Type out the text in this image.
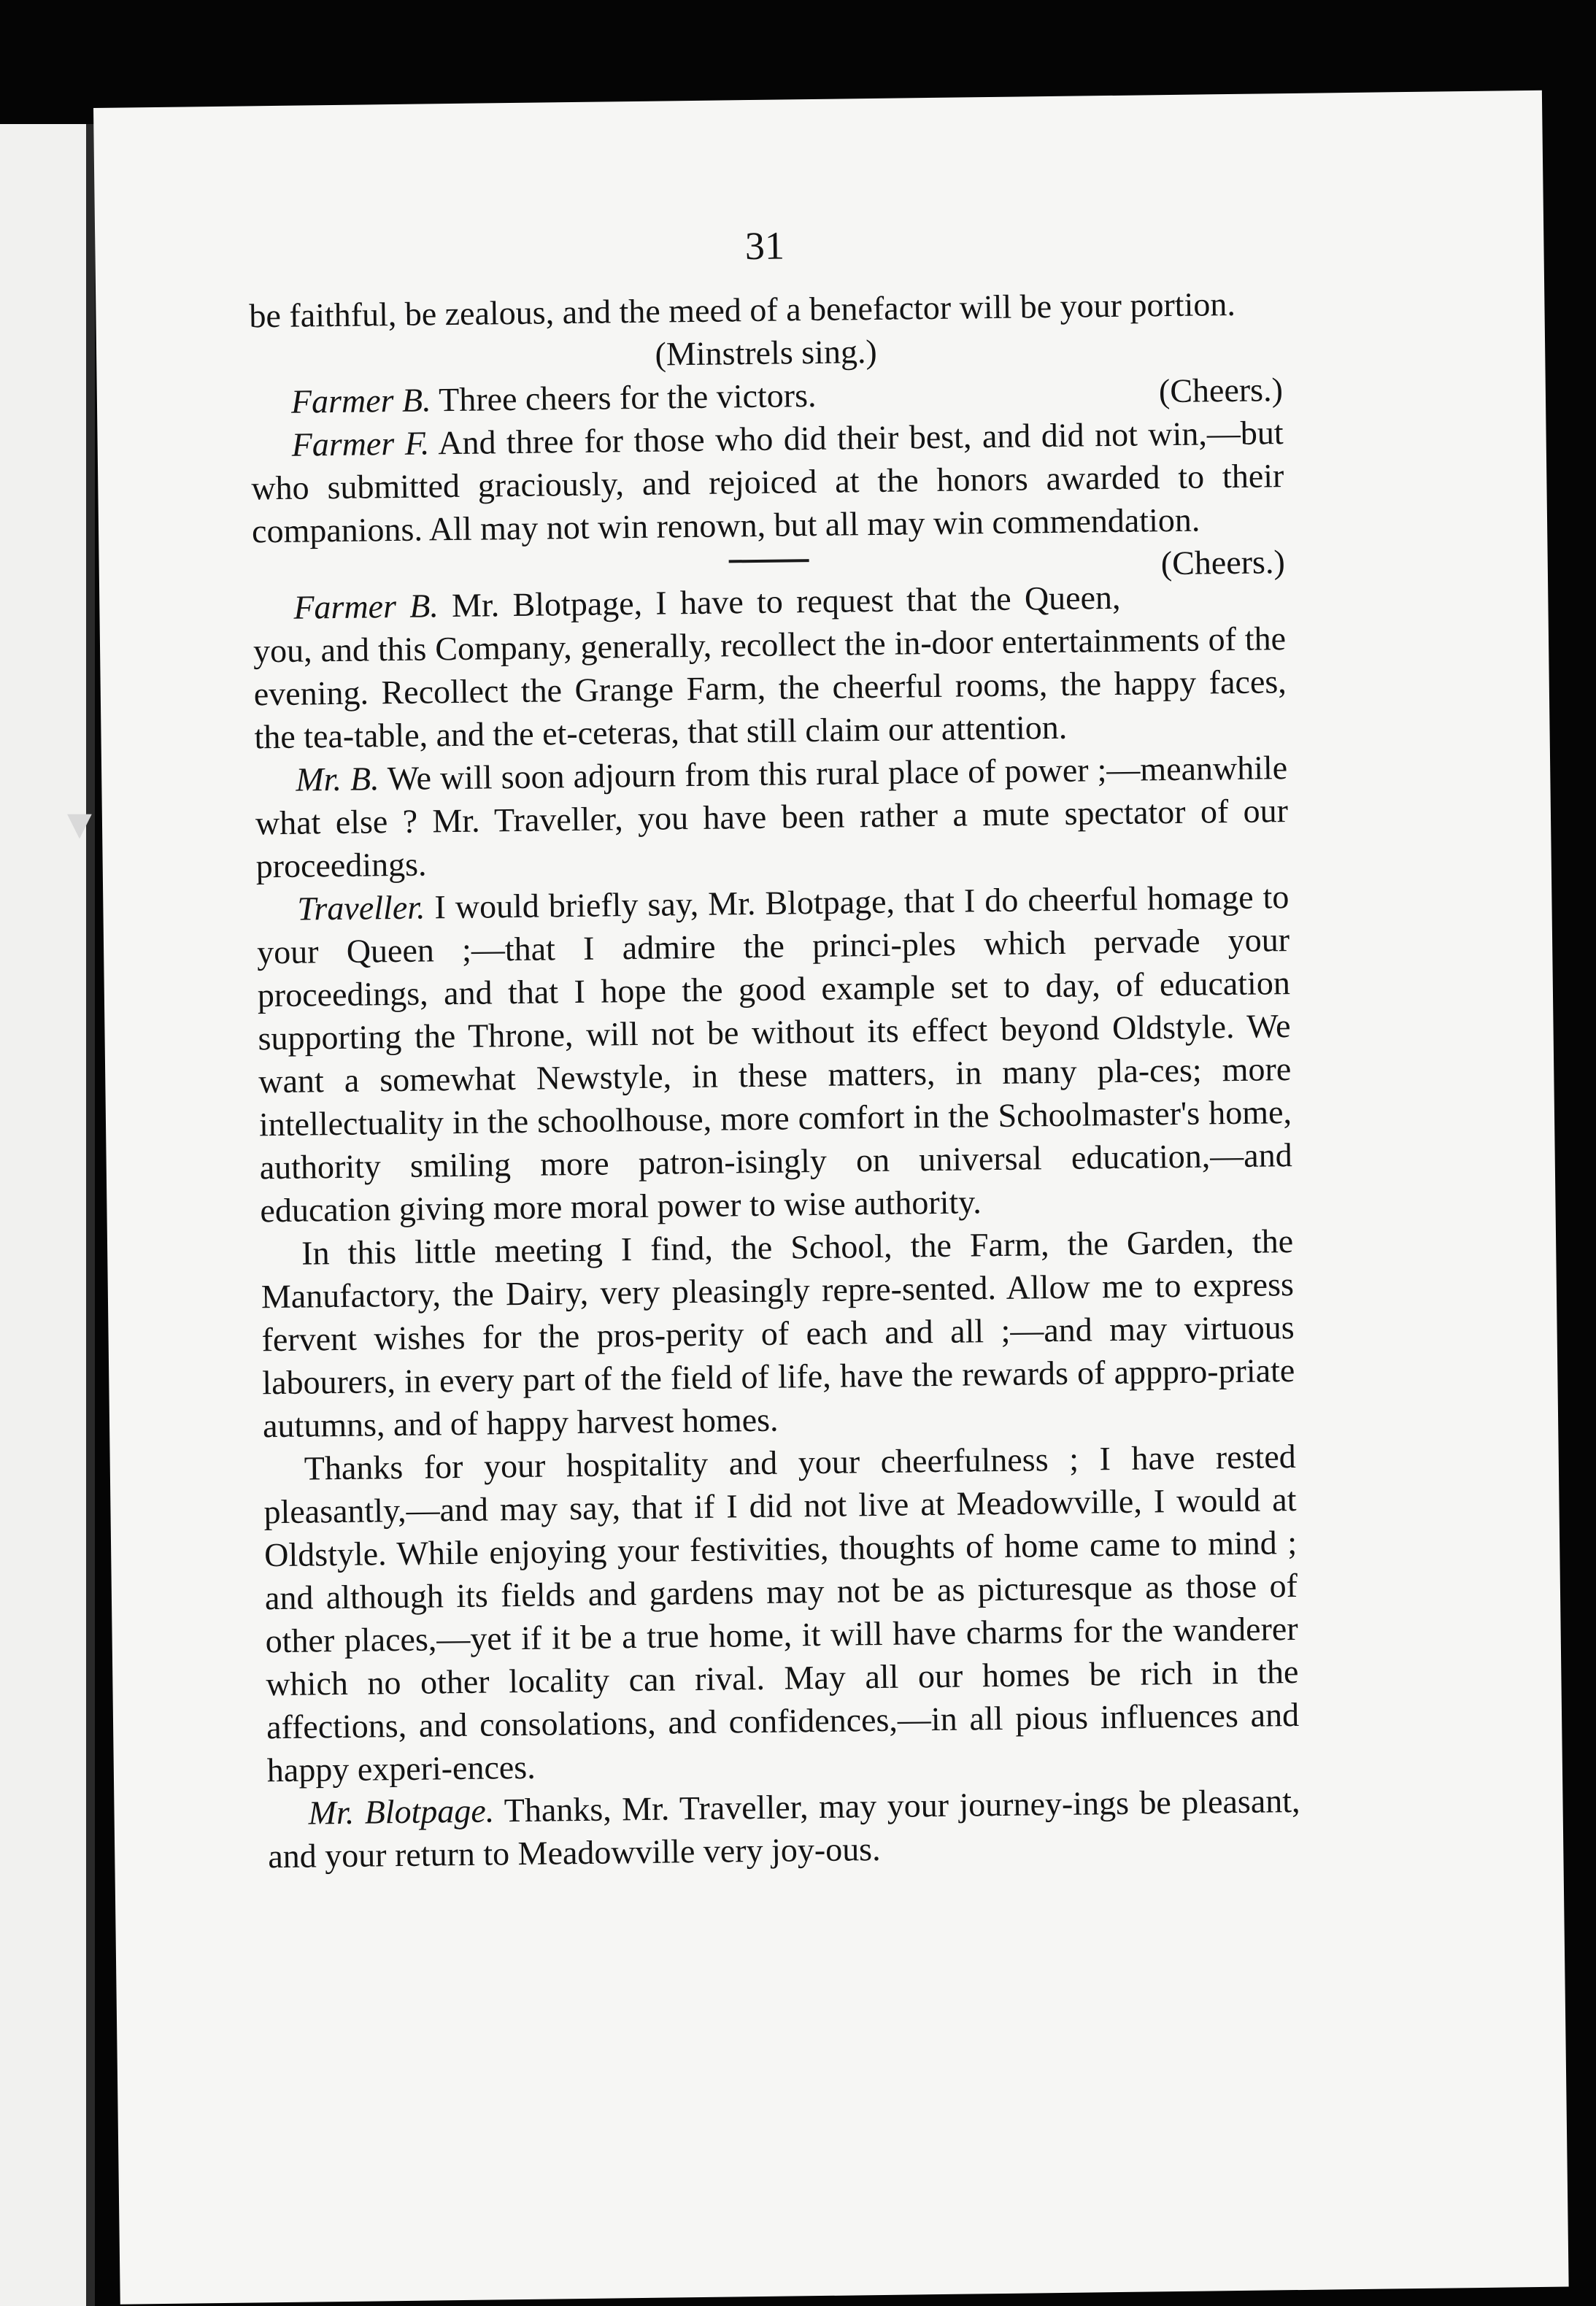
▼
31

be faithful, be zealous, and the meed of a benefactor will be your portion.
(Minstrels sing.)

Farmer B. Three cheers for the victors.	(Cheers.)

Farmer F. And three for those who did their best, and did not win,—but who submitted graciously, and rejoiced at the honors awarded to their companions. All may not win renown, but all may win commendation.
(Cheers.)

Farmer B. Mr. Blotpage, I have to request that the Queen, you, and this Company, generally, recollect the in-door entertainments of the evening. Recollect the Grange Farm, the cheerful rooms, the happy faces, the tea-table, and the et-ceteras, that still claim our attention.

Mr. B. We will soon adjourn from this rural place of power ;—meanwhile what else ? Mr. Traveller, you have been rather a mute spectator of our proceedings.

Traveller. I would briefly say, Mr. Blotpage, that I do cheerful homage to your Queen ;—that I admire the princi-ples which pervade your proceedings, and that I hope the good example set to day, of education supporting the Throne, will not be without its effect beyond Oldstyle. We want a somewhat Newstyle, in these matters, in many pla-ces; more intellectuality in the schoolhouse, more comfort in the Schoolmaster's home, authority smiling more patron-isingly on universal education,—and education giving more moral power to wise authority.

In this little meeting I find, the School, the Farm, the Garden, the Manufactory, the Dairy, very pleasingly repre-sented. Allow me to express fervent wishes for the pros-perity of each and all ;—and may virtuous labourers, in every part of the field of life, have the rewards of apppro-priate autumns, and of happy harvest homes.

Thanks for your hospitality and your cheerfulness ; I have rested pleasantly,—and may say, that if I did not live at Meadowville, I would at Oldstyle. While enjoying your festivities, thoughts of home came to mind ; and although its fields and gardens may not be as picturesque as those of other places,—yet if it be a true home, it will have charms for the wanderer which no other locality can rival. May all our homes be rich in the affections, and consolations, and confidences,—in all pious influences and happy experi-ences.

Mr. Blotpage. Thanks, Mr. Traveller, may your journey-ings be pleasant, and your return to Meadowville very joy-ous.
